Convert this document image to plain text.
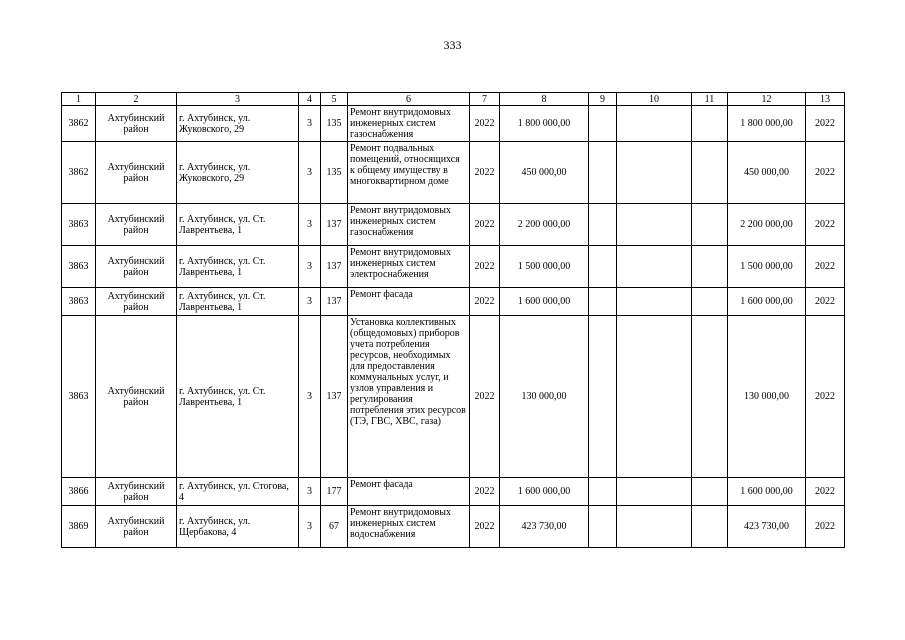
333
1	2	3	4	5	6	7	8	9	10	11	12	13
3862	Ахтубинский район	г. Ахтубинск, ул. Жуковского, 29	3	135	Ремонт внутридомовых инженерных систем газоснабжения	2022	1 800 000,00				1 800 000,00	2022
3862	Ахтубинский район	г. Ахтубинск, ул. Жуковского, 29	3	135	Ремонт подвальных помещений, относящихся к общему имуществу в многоквартирном доме	2022	450 000,00				450 000,00	2022
3863	Ахтубинский район	г. Ахтубинск, ул. Ст. Лаврентьева, 1	3	137	Ремонт внутридомовых инженерных систем газоснабжения	2022	2 200 000,00				2 200 000,00	2022
3863	Ахтубинский район	г. Ахтубинск, ул. Ст. Лаврентьева, 1	3	137	Ремонт внутридомовых инженерных систем электроснабжения	2022	1 500 000,00				1 500 000,00	2022
3863	Ахтубинский район	г. Ахтубинск, ул. Ст. Лаврентьева, 1	3	137	Ремонт фасада	2022	1 600 000,00				1 600 000,00	2022
3863	Ахтубинский район	г. Ахтубинск, ул. Ст. Лаврентьева, 1	3	137	Установка коллективных (общедомовых) приборов учета потребления ресурсов, необходимых для предоставления коммунальных услуг, и узлов управления и регулирования потребления этих ресурсов (ТЭ, ГВС, ХВС, газа)	2022	130 000,00				130 000,00	2022
3866	Ахтубинский район	г. Ахтубинск, ул. Стогова, 4	3	177	Ремонт фасада	2022	1 600 000,00				1 600 000,00	2022
3869	Ахтубинский район	г. Ахтубинск, ул. Щербакова, 4	3	67	Ремонт внутридомовых инженерных систем водоснабжения	2022	423 730,00				423 730,00	2022
